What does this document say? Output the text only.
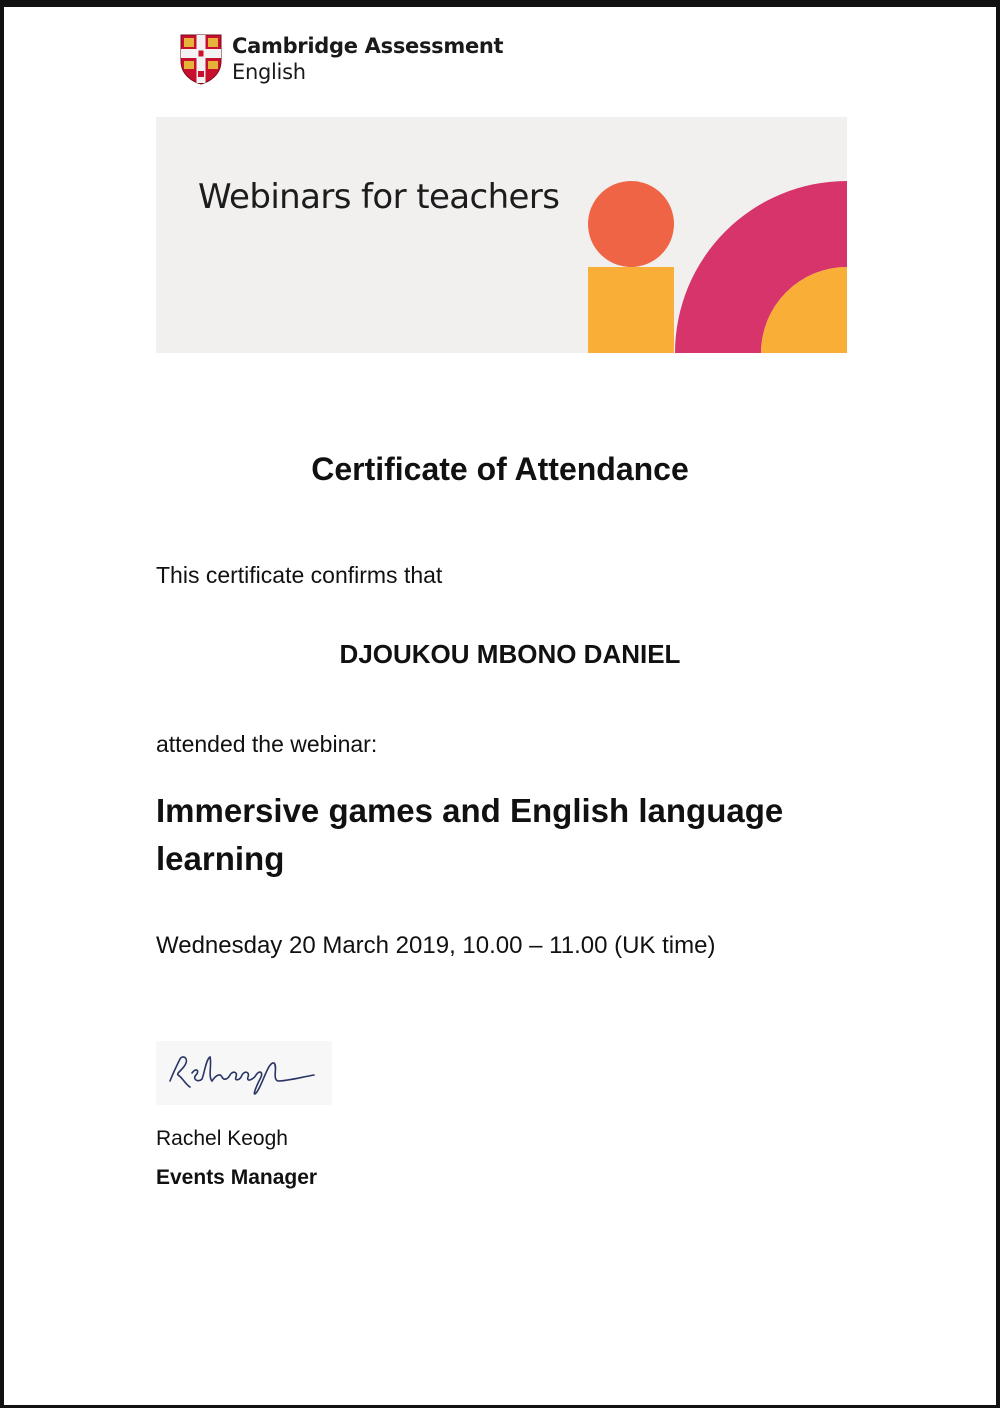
Cambridge Assessment
English
Webinars for teachers
Certificate of Attendance
This certificate confirms that
DJOUKOU MBONO DANIEL
attended the webinar:
Immersive games and English language learning
Wednesday 20 March 2019, 10.00 – 11.00 (UK time)
Rachel Keogh
Events Manager
